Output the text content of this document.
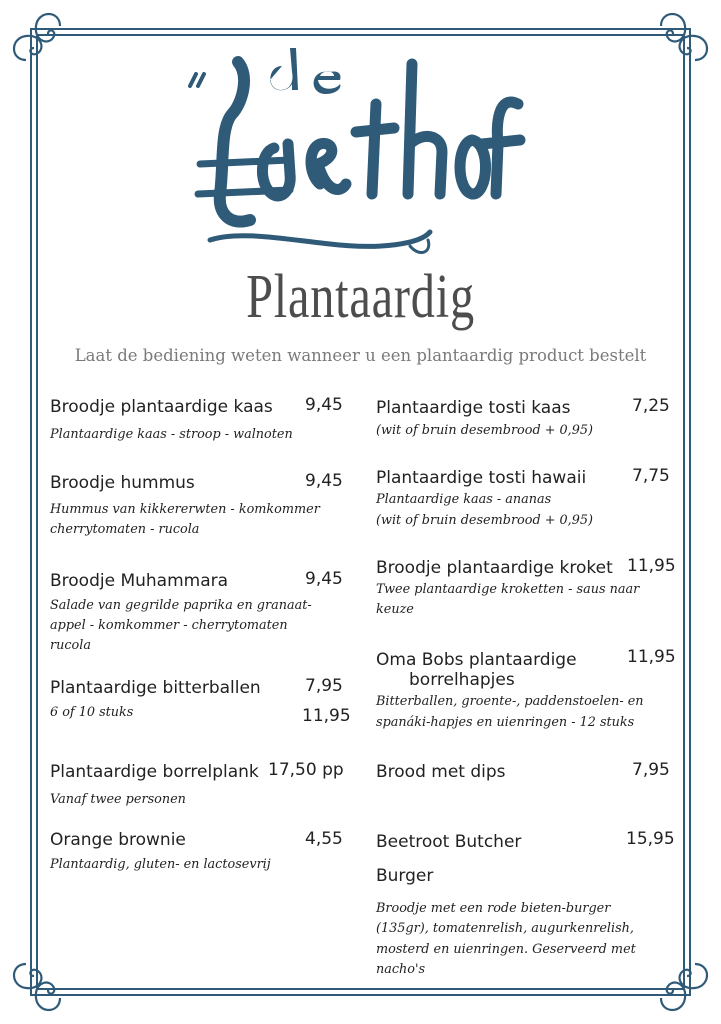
Plantaardig
Laat de bediening weten wanneer u een plantaardig product bestelt
Broodje plantaardige kaas 9,45
Plantaardige kaas - stroop - walnoten
Broodje hummus	9,45
Hummus van kikkererwten - komkommer
cherrytomaten - rucola
Broodje Muhammara	9,45
Salade van gegrilde paprika en granaat-
appel - komkommer - cherrytomaten
rucola
Plantaardige bitterballen	7,95
6 of 10 stuks	11,95
Plantaardige borrelplank 17,50 pp
Vanaf twee personen
Orange brownie	4,55
Plantaardig, gluten- en lactosevrij
Plantaardige tosti kaas	7,25
(wit of bruin desembrood + 0,95)
Plantaardige tosti hawaii	7,75
Plantaardige kaas - ananas
(wit of bruin desembrood + 0,95)
Broodje plantaardige kroket 11,95
Twee plantaardige kroketten - saus naar
keuze
Oma Bobs plantaardige
borrelhapjes
11,95
Bitterballen, groente-, paddenstoelen- en
spanáki-hapjes en uienringen - 12 stuks
Brood met dips	7,95
Beetroot Butcher
Burger
15,95
Broodje met een rode bieten-burger
(135gr), tomatenrelish, augurkenrelish,
mosterd en uienringen. Geserveerd met
nacho's
